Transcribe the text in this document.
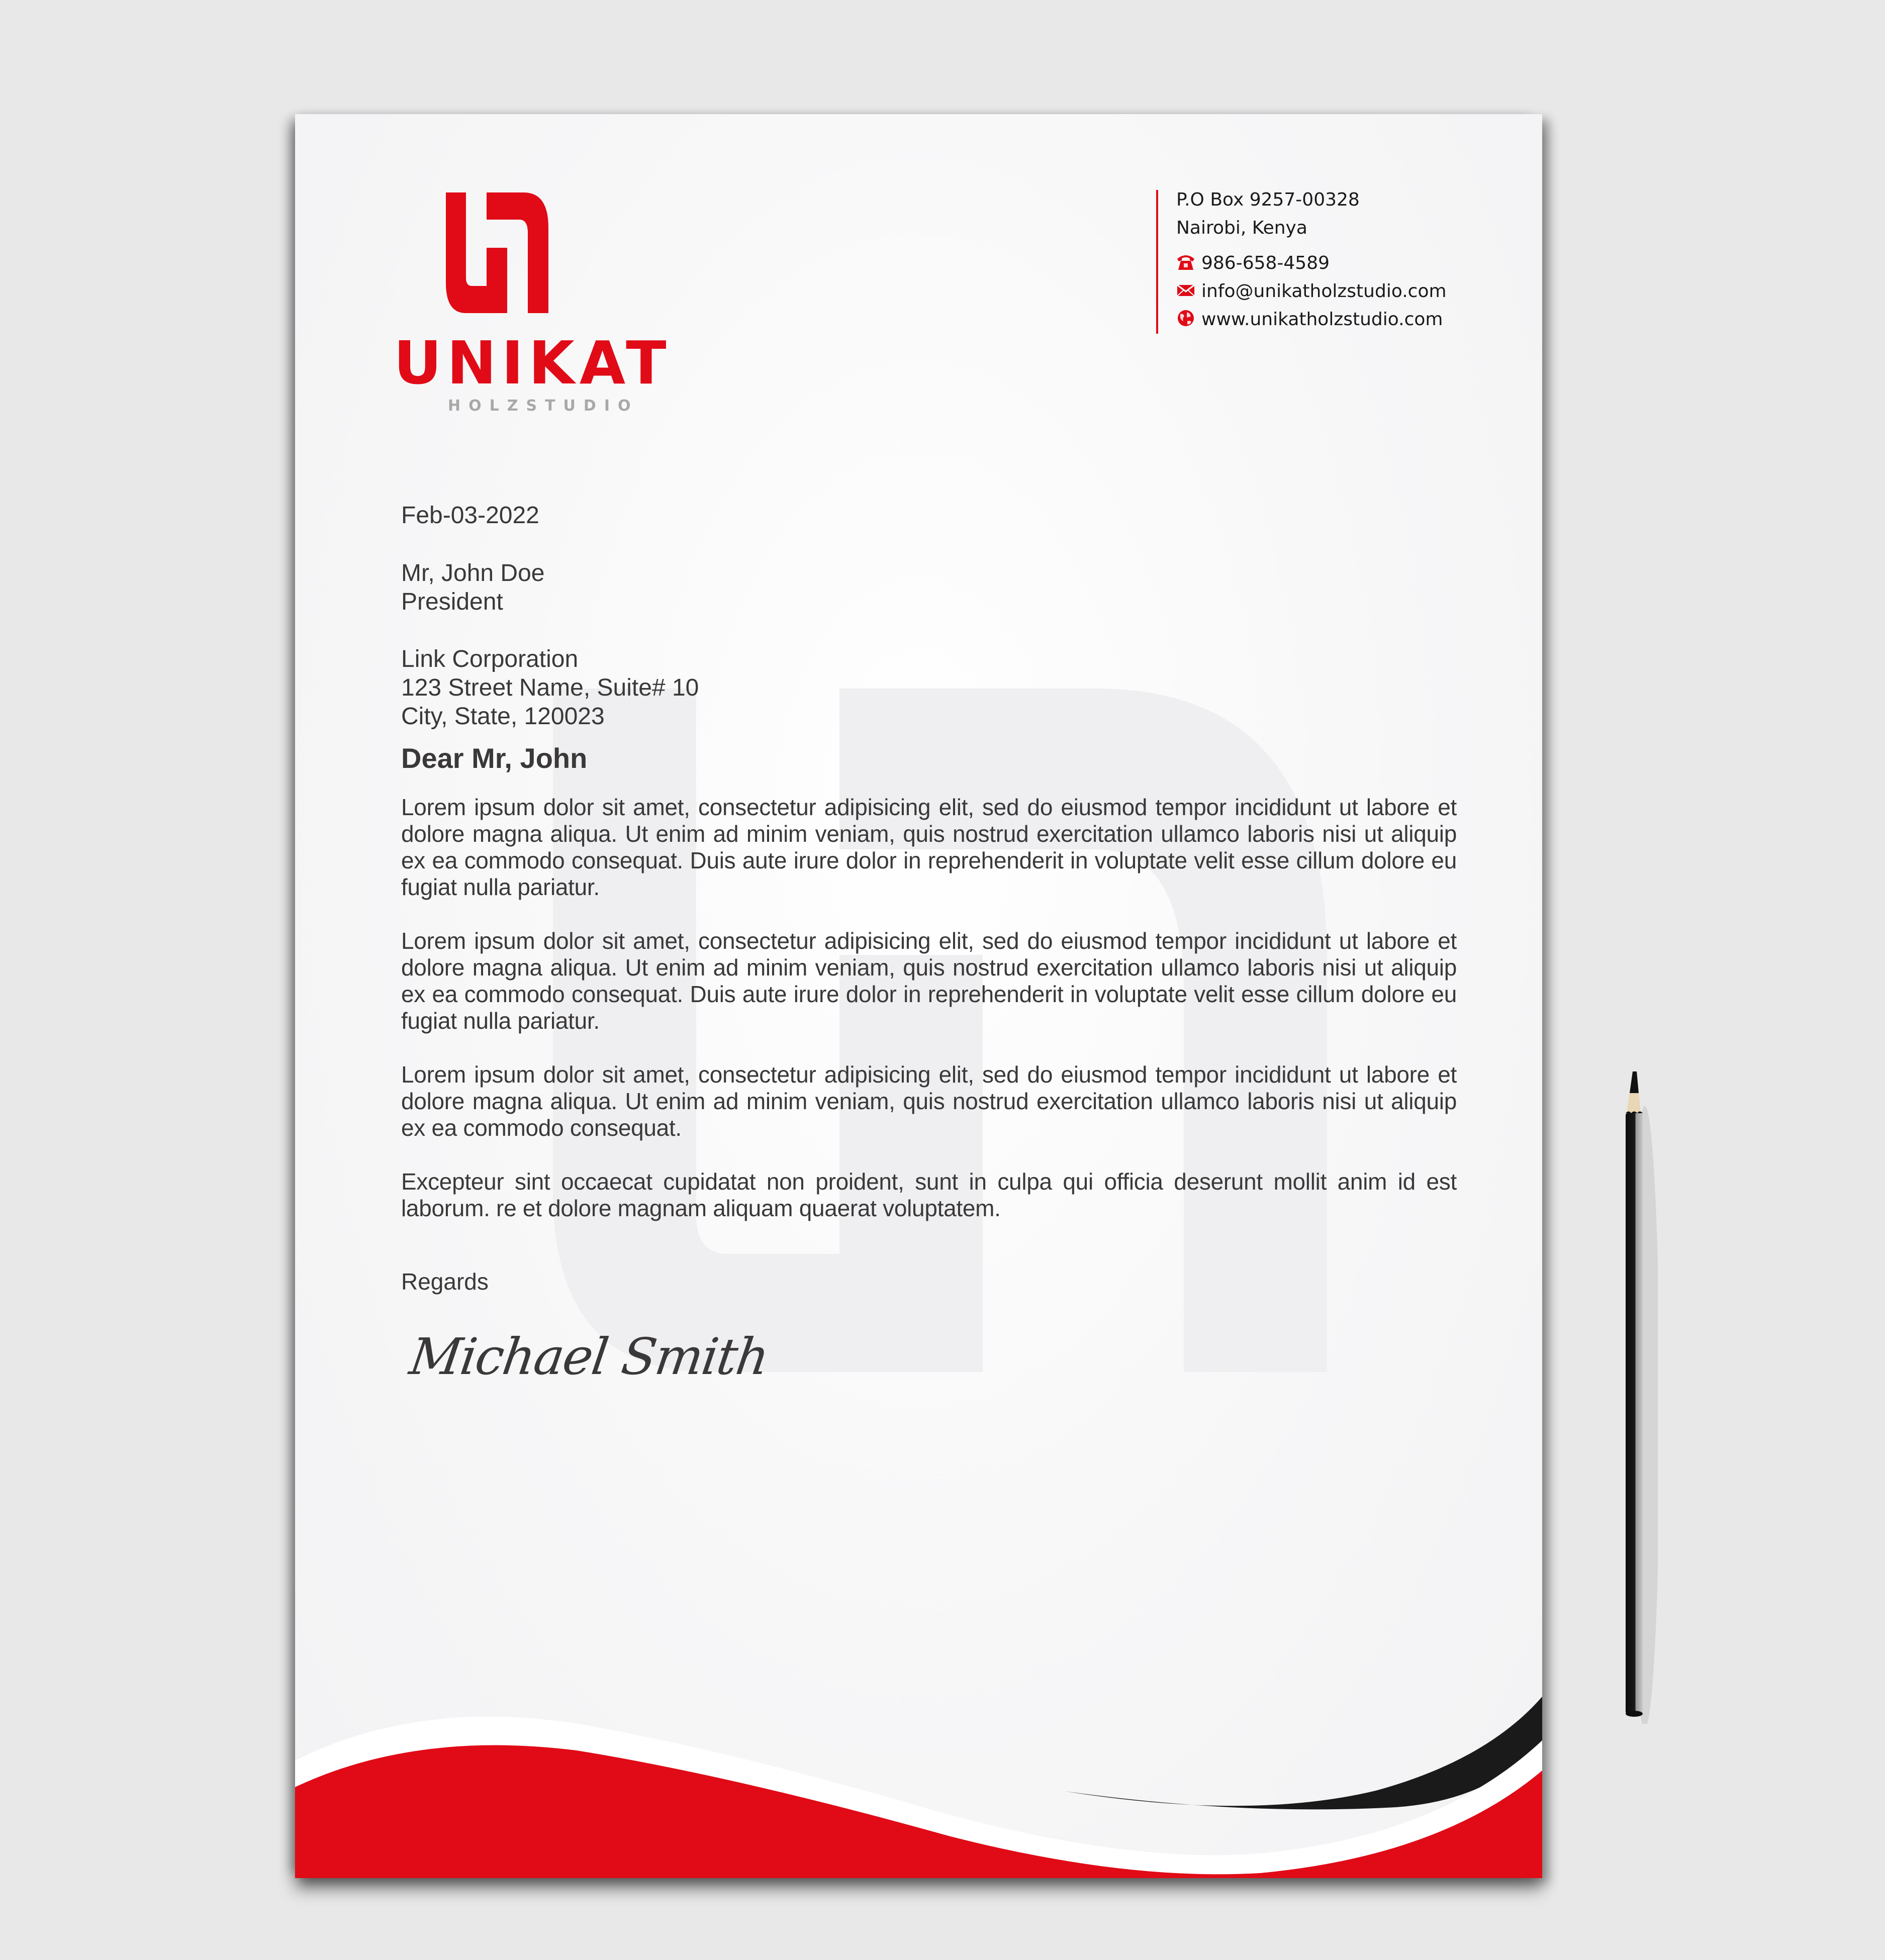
UNIKAT
HOLZSTUDIO
P.O Box 9257-00328
Nairobi, Kenya
986-658-4589
info@unikatholzstudio.com
www.unikatholzstudio.com
Feb-03-2022
Mr, John Doe
President
Link Corporation
123 Street Name, Suite# 10
City, State, 120023
Dear Mr, John

Lorem ipsum dolor sit amet, consectetur adipisicing elit, sed do eiusmod tempor incididunt ut labore et dolore magna aliqua. Ut enim ad minim veniam, quis nostrud exercitation ullamco laboris nisi ut aliquip ex ea commodo consequat. Duis aute irure dolor in reprehenderit in voluptate velit esse cillum dolore eu fugiat nulla pariatur.

Lorem ipsum dolor sit amet, consectetur adipisicing elit, sed do eiusmod tempor incididunt ut labore et dolore magna aliqua. Ut enim ad minim veniam, quis nostrud exercitation ullamco laboris nisi ut aliquip ex ea commodo consequat. Duis aute irure dolor in reprehenderit in voluptate velit esse cillum dolore eu fugiat nulla pariatur.

Lorem ipsum dolor sit amet, consectetur adipisicing elit, sed do eiusmod tempor incididunt ut labore et dolore magna aliqua. Ut enim ad minim veniam, quis nostrud exercitation ullamco laboris nisi ut aliquip ex ea commodo consequat.

Excepteur sint occaecat cupidatat non proident, sunt in culpa qui officia deserunt mollit anim id est laborum. re et dolore magnam aliquam quaerat voluptatem.

Regards
Michael Smith
